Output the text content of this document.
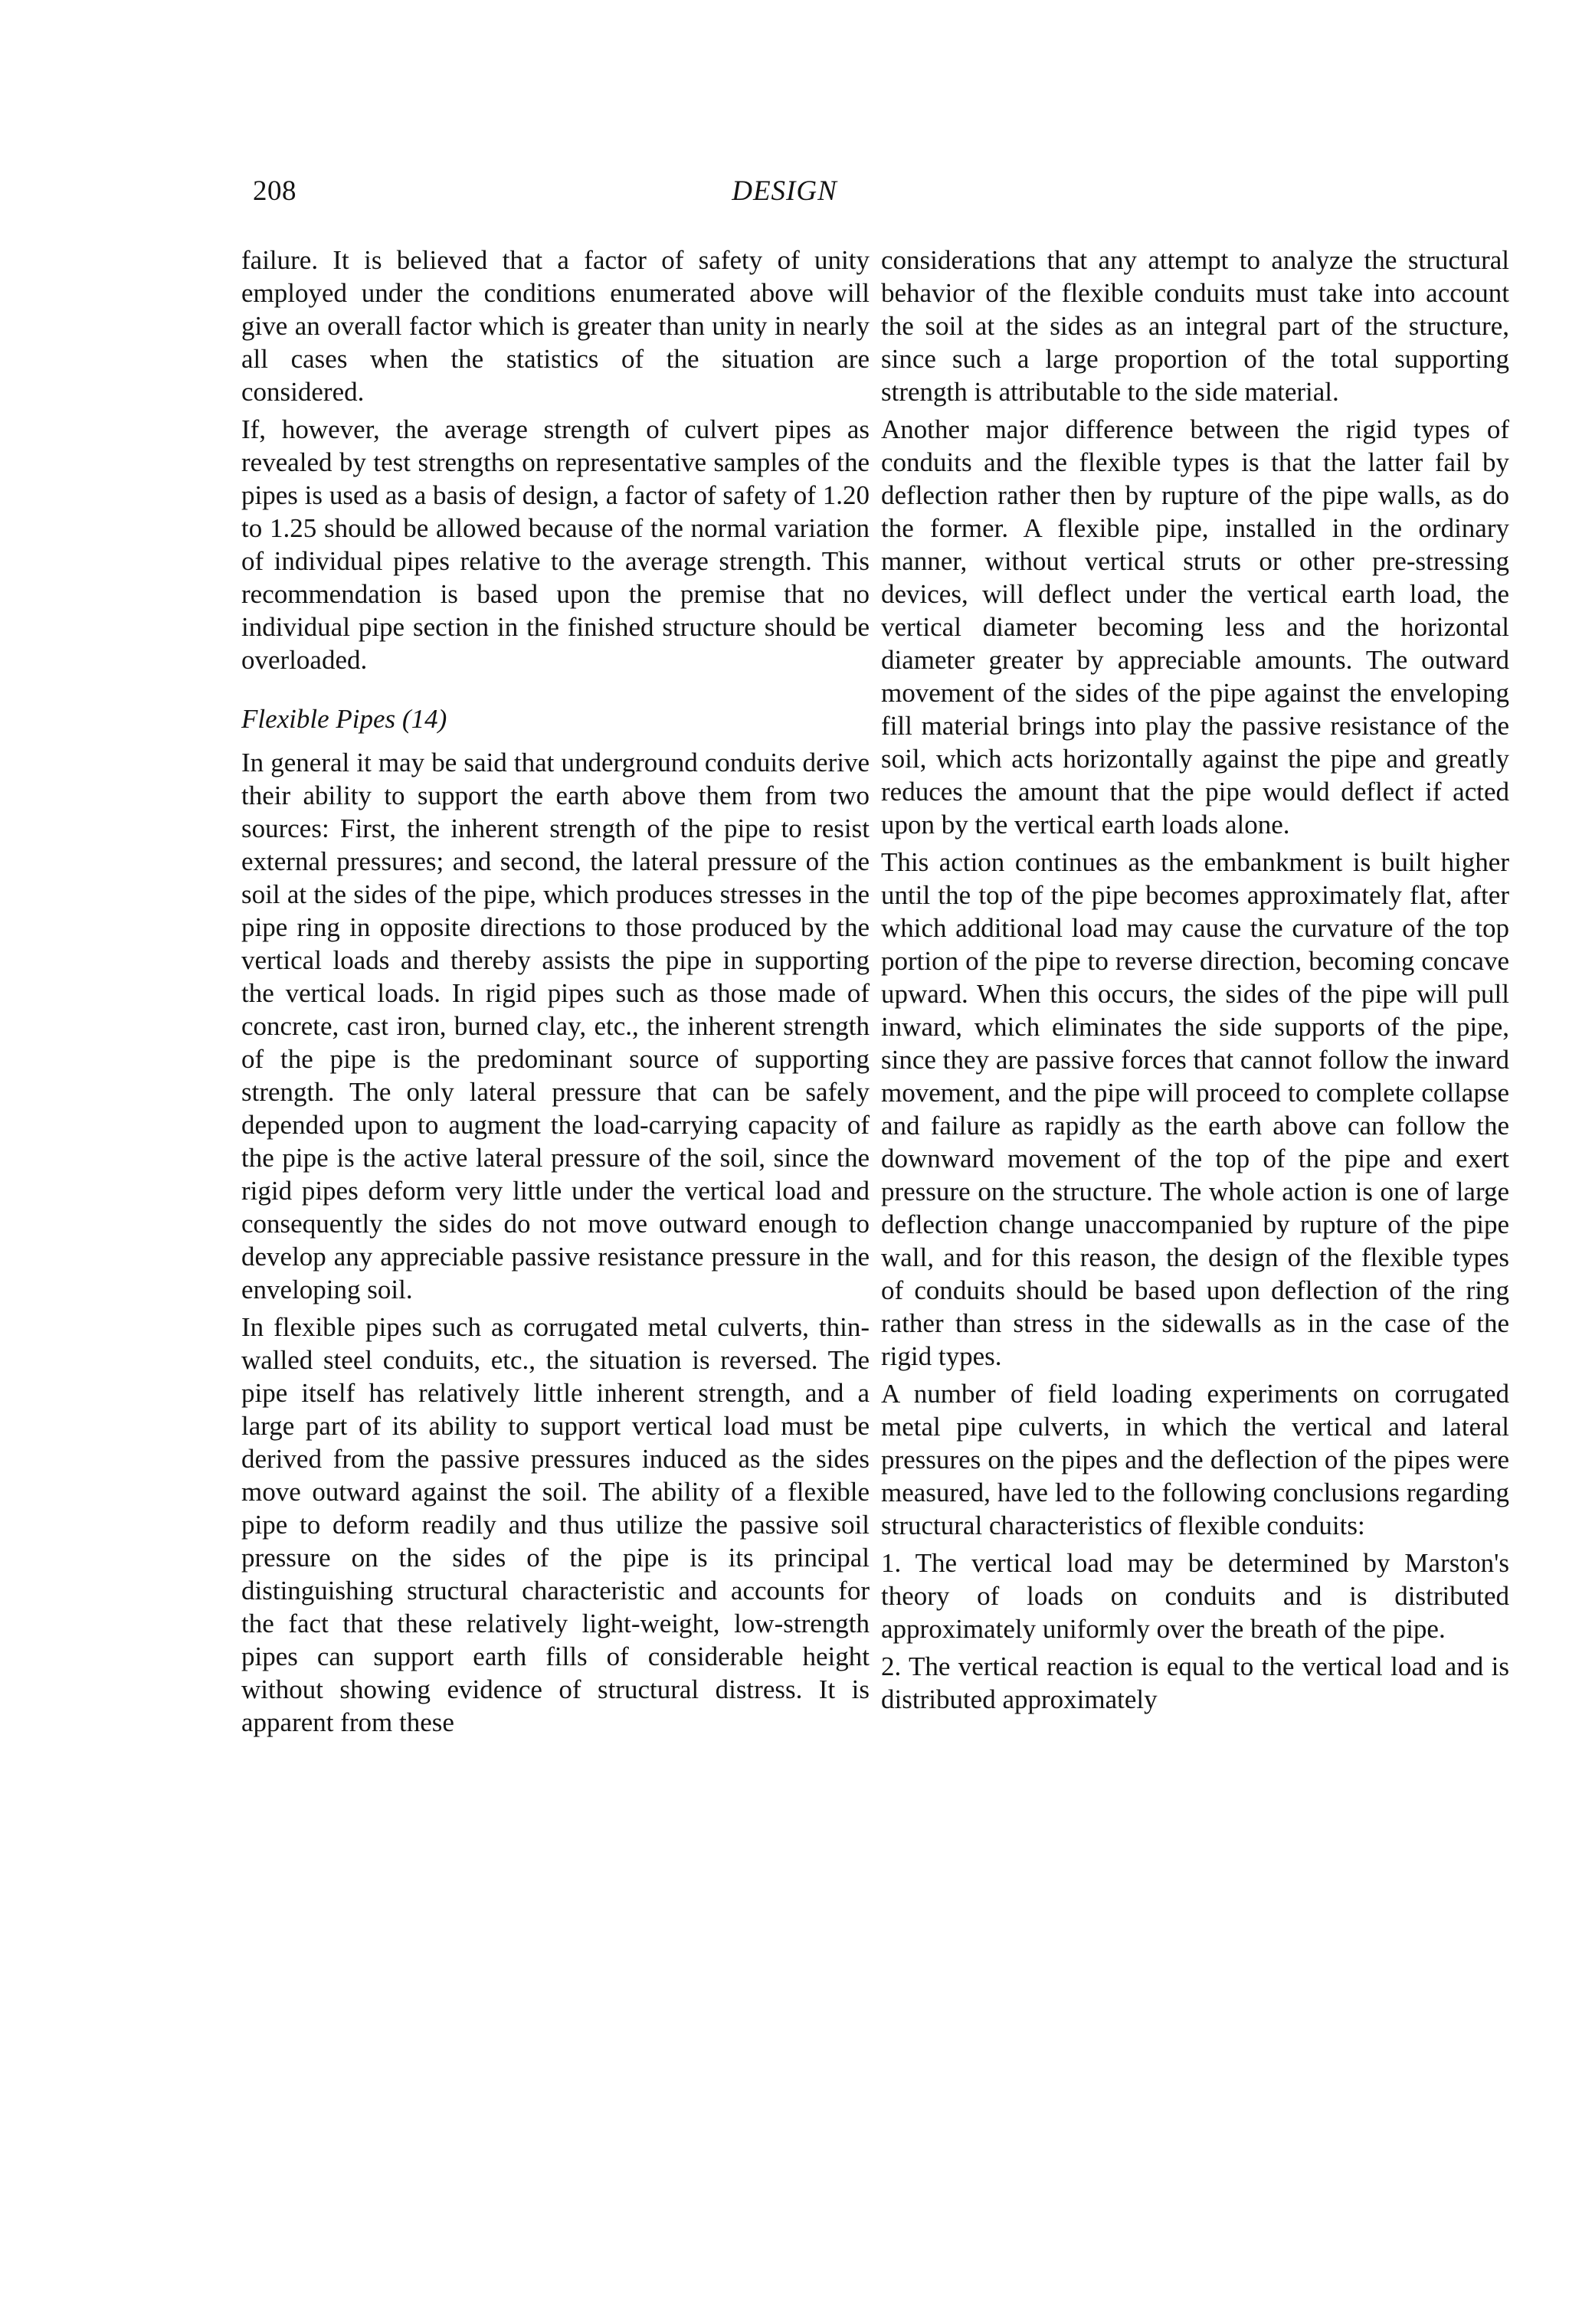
208	DESIGN

failure. It is believed that a factor of safety of unity employed under the conditions enumerated above will give an overall factor which is greater than unity in nearly all cases when the statistics of the situation are considered.

If, however, the average strength of culvert pipes as revealed by test strengths on representative samples of the pipes is used as a basis of design, a factor of safety of 1.20 to 1.25 should be allowed because of the normal variation of individual pipes relative to the average strength. This recommendation is based upon the premise that no individual pipe section in the finished structure should be overloaded.

Flexible Pipes (14)

In general it may be said that underground conduits derive their ability to support the earth above them from two sources: First, the inherent strength of the pipe to resist external pressures; and second, the lateral pressure of the soil at the sides of the pipe, which produces stresses in the pipe ring in opposite directions to those produced by the vertical loads and thereby assists the pipe in supporting the vertical loads. In rigid pipes such as those made of concrete, cast iron, burned clay, etc., the inherent strength of the pipe is the predominant source of supporting strength. The only lateral pressure that can be safely depended upon to augment the load-carrying capacity of the pipe is the active lateral pressure of the soil, since the rigid pipes deform very little under the vertical load and consequently the sides do not move outward enough to develop any appreciable passive resistance pressure in the enveloping soil.

In flexible pipes such as corrugated metal culverts, thin-walled steel conduits, etc., the situation is reversed. The pipe itself has relatively little inherent strength, and a large part of its ability to support vertical load must be derived from the passive pressures induced as the sides move outward against the soil. The ability of a flexible pipe to deform readily and thus utilize the passive soil pressure on the sides of the pipe is its principal distinguishing structural characteristic and accounts for the fact that these relatively light-weight, low-strength pipes can support earth fills of considerable height without showing evidence of structural distress. It is apparent from these

considerations that any attempt to analyze the structural behavior of the flexible conduits must take into account the soil at the sides as an integral part of the structure, since such a large proportion of the total supporting strength is attributable to the side material.

Another major difference between the rigid types of conduits and the flexible types is that the latter fail by deflection rather then by rupture of the pipe walls, as do the former. A flexible pipe, installed in the ordinary manner, without vertical struts or other pre-stressing devices, will deflect under the vertical earth load, the vertical diameter becoming less and the horizontal diameter greater by appreciable amounts. The outward movement of the sides of the pipe against the enveloping fill material brings into play the passive resistance of the soil, which acts horizontally against the pipe and greatly reduces the amount that the pipe would deflect if acted upon by the vertical earth loads alone.

This action continues as the embankment is built higher until the top of the pipe becomes approximately flat, after which additional load may cause the curvature of the top portion of the pipe to reverse direction, becoming concave upward. When this occurs, the sides of the pipe will pull inward, which eliminates the side supports of the pipe, since they are passive forces that cannot follow the inward movement, and the pipe will proceed to complete collapse and failure as rapidly as the earth above can follow the downward movement of the top of the pipe and exert pressure on the structure. The whole action is one of large deflection change unaccompanied by rupture of the pipe wall, and for this reason, the design of the flexible types of conduits should be based upon deflection of the ring rather than stress in the sidewalls as in the case of the rigid types.

A number of field loading experiments on corrugated metal pipe culverts, in which the vertical and lateral pressures on the pipes and the deflection of the pipes were measured, have led to the following conclusions regarding structural characteristics of flexible conduits:

1. The vertical load may be determined by Marston's theory of loads on conduits and is distributed approximately uniformly over the breath of the pipe.

2. The vertical reaction is equal to the vertical load and is distributed approximately
